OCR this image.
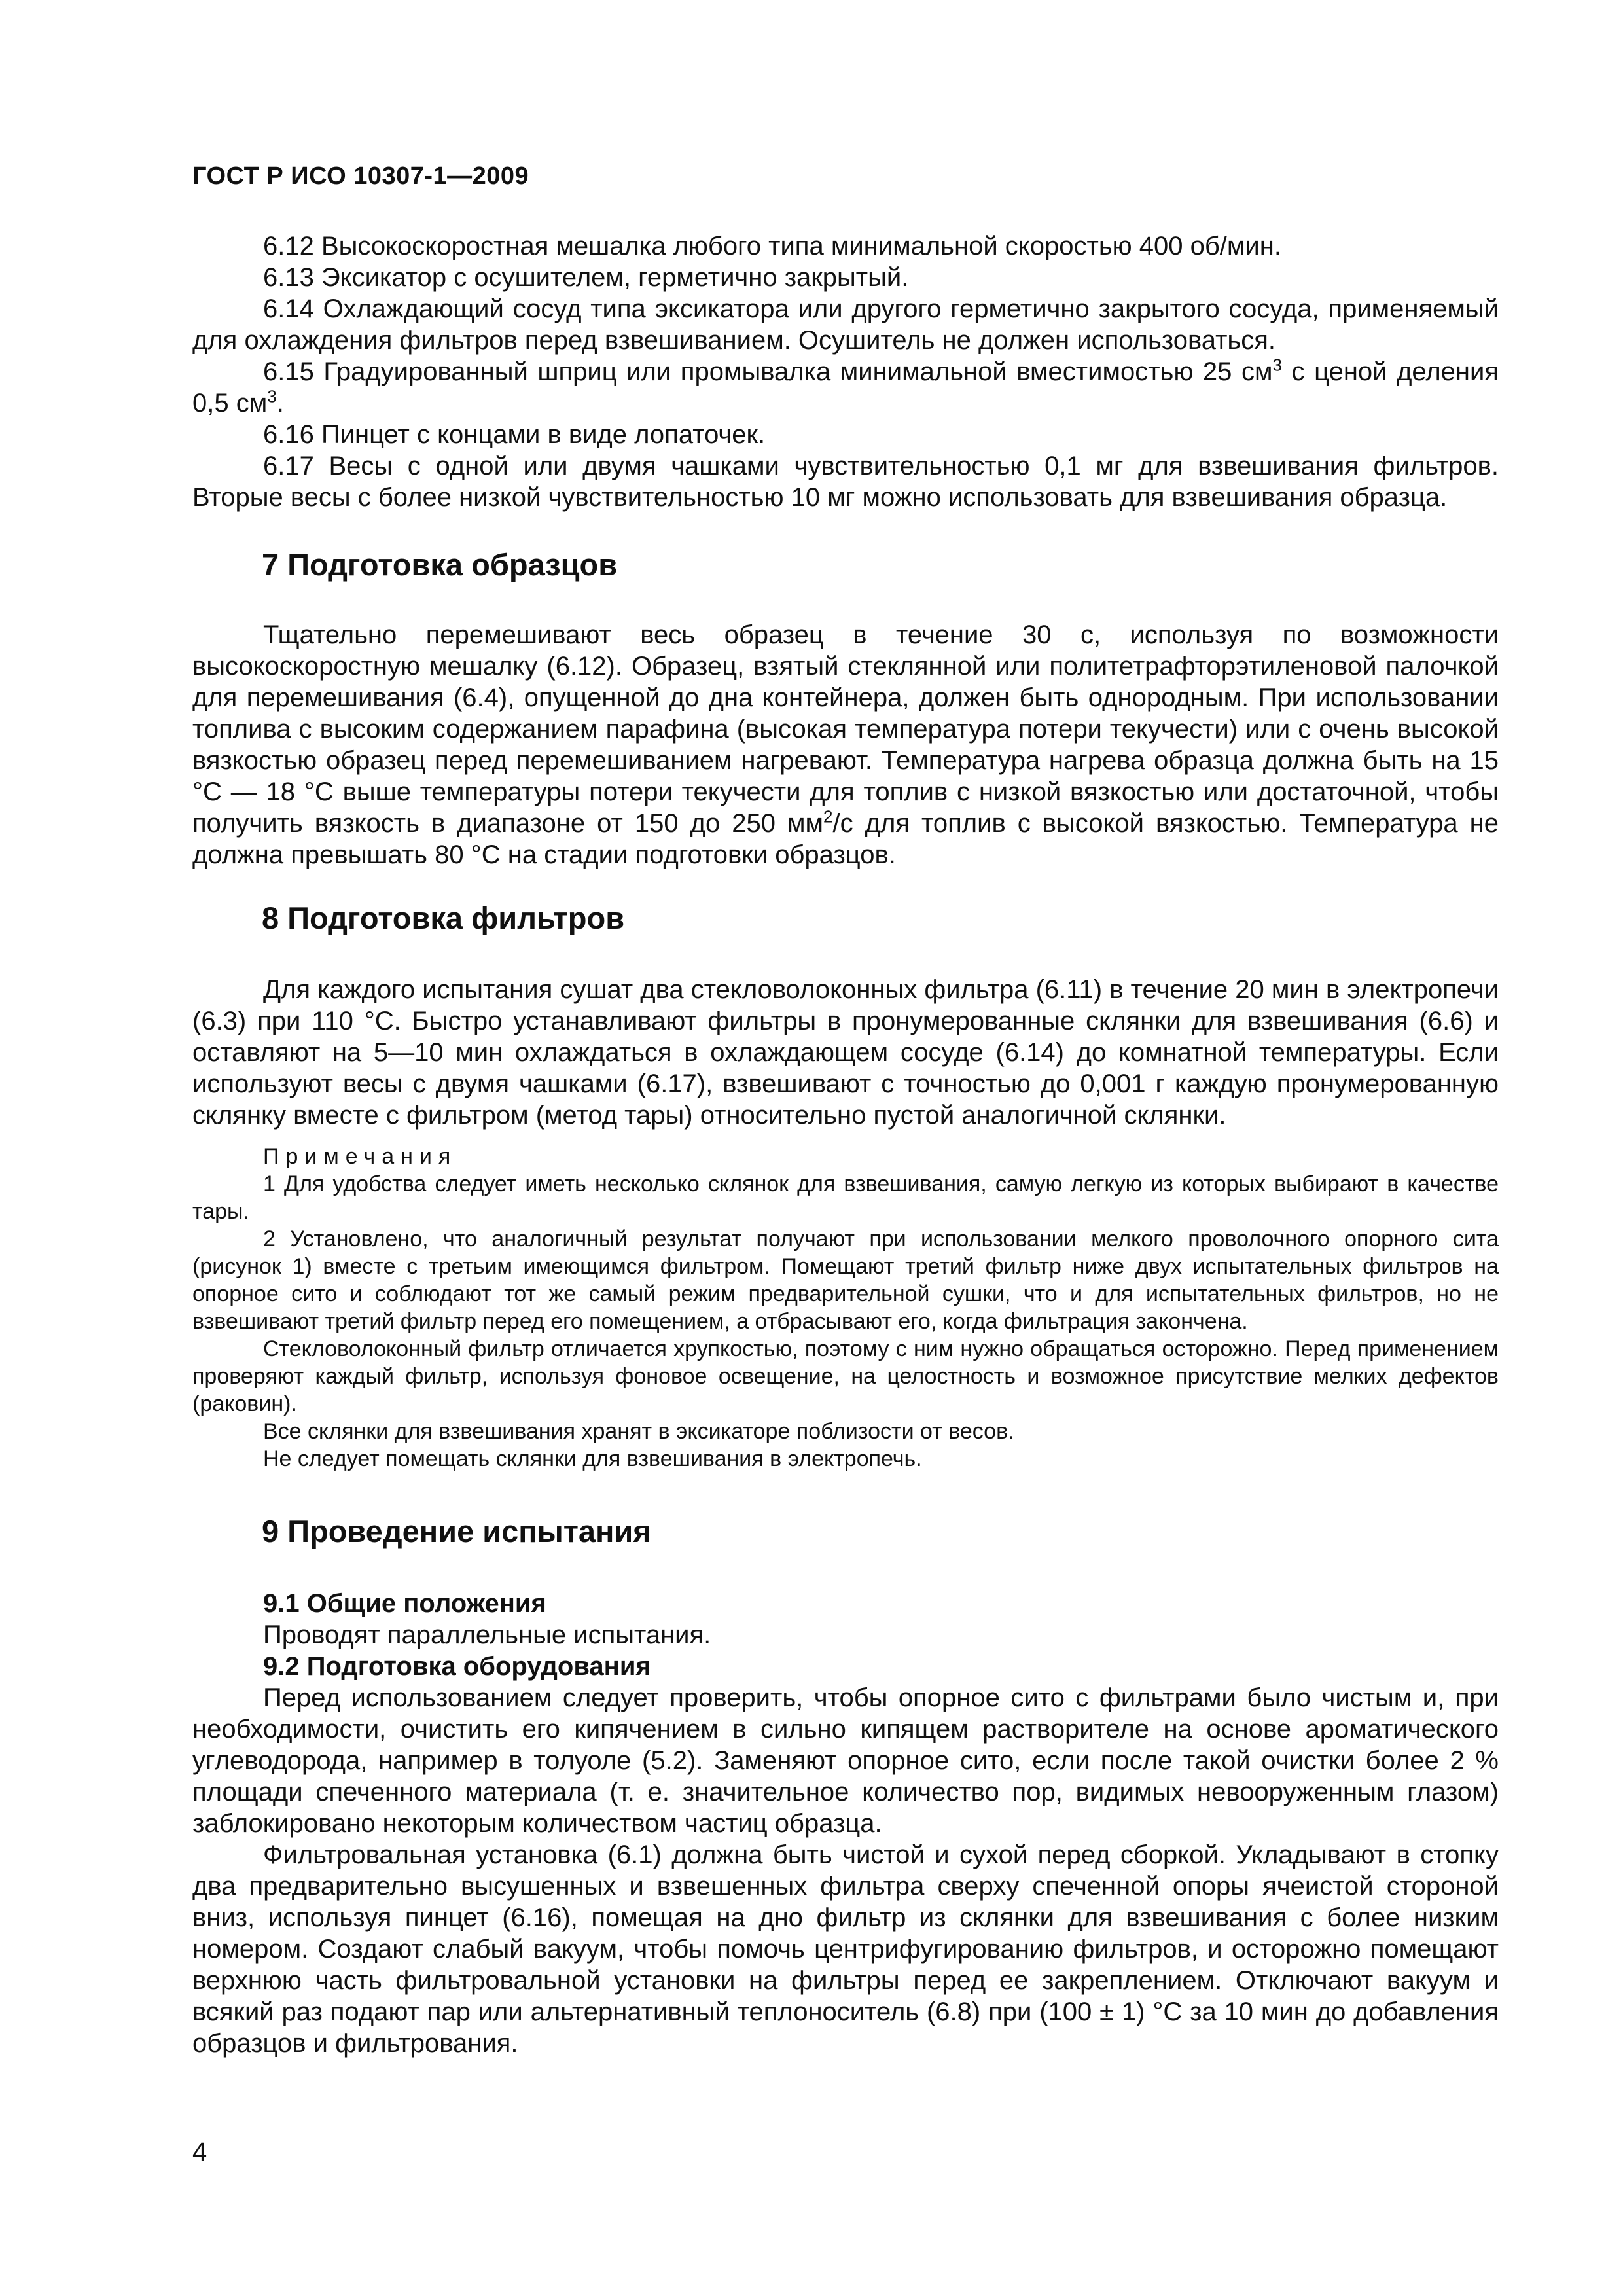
ГОСТ Р ИСО 10307-1—2009

6.12 Высокоскоростная мешалка любого типа минимальной скоростью 400 об/мин.

6.13 Эксикатор с осушителем, герметично закрытый.

6.14 Охлаждающий сосуд типа эксикатора или другого герметично закрытого сосуда, применяемый для охлаждения фильтров перед взвешиванием. Осушитель не должен использоваться.

6.15 Градуированный шприц или промывалка минимальной вместимостью 25 $см^3$ с ценой деления 0,5 $см^3$.

6.16 Пинцет с концами в виде лопаточек.

6.17 Весы с одной или двумя чашками чувствительностью 0,1 мг для взвешивания фильтров. Вторые весы с более низкой чувствительностью 10 мг можно использовать для взвешивания образца.

7 Подготовка образцов

Тщательно перемешивают весь образец в течение 30 с, используя по возможности высокоскоростную мешалку (6.12). Образец, взятый стеклянной или политетрафторэтиленовой палочкой для перемешивания (6.4), опущенной до дна контейнера, должен быть однородным. При использовании топлива с высоким содержанием парафина (высокая температура потери текучести) или с очень высокой вязкостью образец перед перемешиванием нагревают. Температура нагрева образца должна быть на 15 °С — 18 °С выше температуры потери текучести для топлив с низкой вязкостью или достаточной, чтобы получить вязкость в диапазоне от 150 до 250 $мм^2/с$ для топлив с высокой вязкостью. Температура не должна превышать 80 °С на стадии подготовки образцов.

8 Подготовка фильтров

Для каждого испытания сушат два стекловолоконных фильтра (6.11) в течение 20 мин в электропечи (6.3) при 110 °С. Быстро устанавливают фильтры в пронумерованные склянки для взвешивания (6.6) и оставляют на 5—10 мин охлаждаться в охлаждающем сосуде (6.14) до комнатной температуры. Если используют весы с двумя чашками (6.17), взвешивают с точностью до 0,001 г каждую пронумерованную склянку вместе с фильтром (метод тары) относительно пустой аналогичной склянки.

Примечания

1 Для удобства следует иметь несколько склянок для взвешивания, самую легкую из которых выбирают в качестве тары.

2 Установлено, что аналогичный результат получают при использовании мелкого проволочного опорного сита (рисунок 1) вместе с третьим имеющимся фильтром. Помещают третий фильтр ниже двух испытательных фильтров на опорное сито и соблюдают тот же самый режим предварительной сушки, что и для испытательных фильтров, но не взвешивают третий фильтр перед его помещением, а отбрасывают его, когда фильтрация закончена.

Стекловолоконный фильтр отличается хрупкостью, поэтому с ним нужно обращаться осторожно. Перед применением проверяют каждый фильтр, используя фоновое освещение, на целостность и возможное присутствие мелких дефектов (раковин).

Все склянки для взвешивания хранят в эксикаторе поблизости от весов.

Не следует помещать склянки для взвешивания в электропечь.

9 Проведение испытания

9.1 Общие положения

Проводят параллельные испытания.

9.2 Подготовка оборудования

Перед использованием следует проверить, чтобы опорное сито с фильтрами было чистым и, при необходимости, очистить его кипячением в сильно кипящем растворителе на основе ароматического углеводорода, например в толуоле (5.2). Заменяют опорное сито, если после такой очистки более 2 % площади спеченного материала (т. е. значительное количество пор, видимых невооруженным глазом) заблокировано некоторым количеством частиц образца.

Фильтровальная установка (6.1) должна быть чистой и сухой перед сборкой. Укладывают в стопку два предварительно высушенных и взвешенных фильтра сверху спеченной опоры ячеистой стороной вниз, используя пинцет (6.16), помещая на дно фильтр из склянки для взвешивания с более низким номером. Создают слабый вакуум, чтобы помочь центрифугированию фильтров, и осторожно помещают верхнюю часть фильтровальной установки на фильтры перед ее закреплением. Отключают вакуум и всякий раз подают пар или альтернативный теплоноситель (6.8) при (100 ± 1) °С за 10 мин до добавления образцов и фильтрования.

4
